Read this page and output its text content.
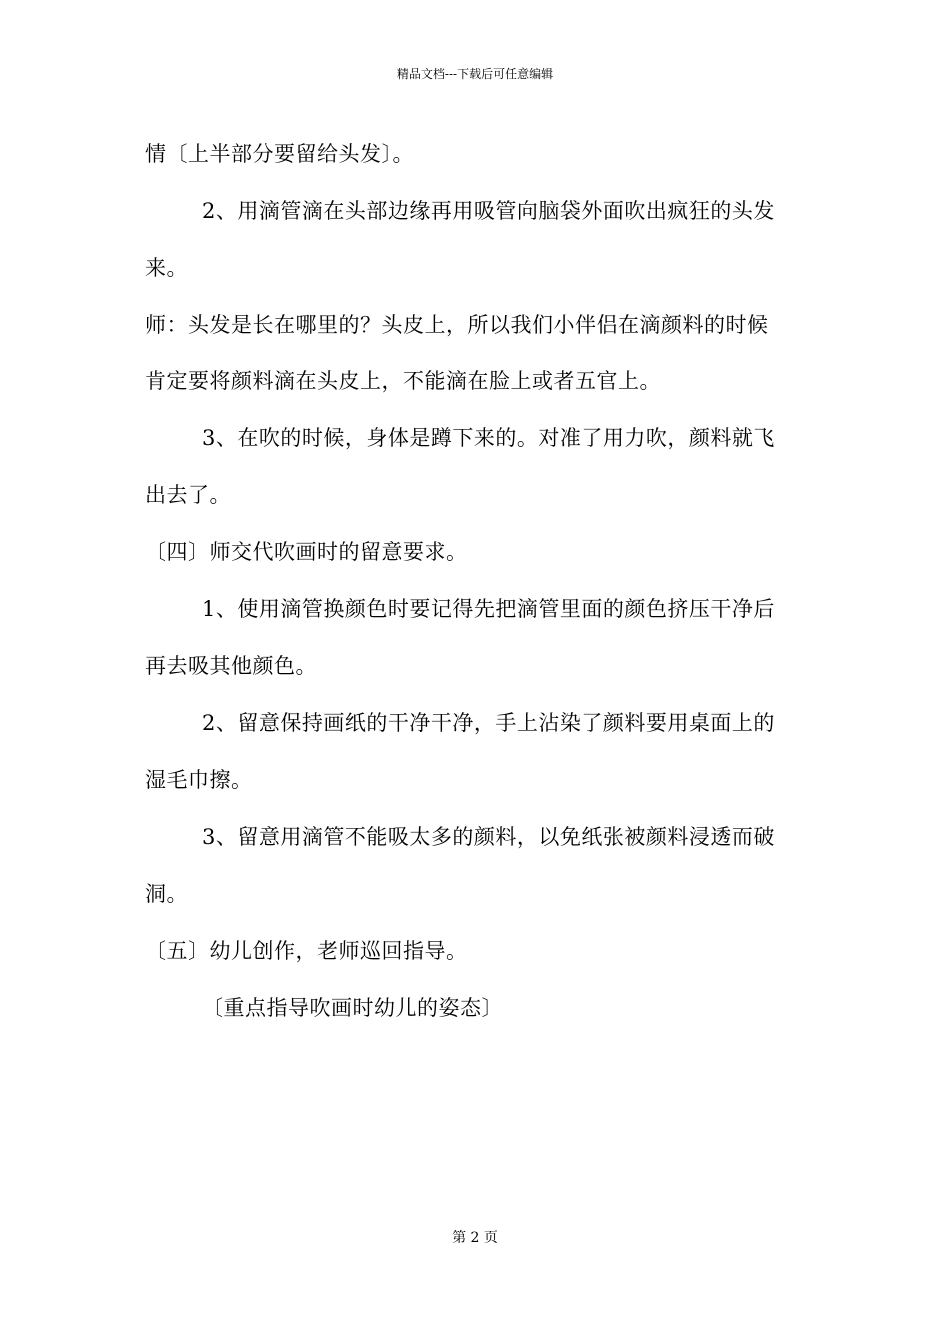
精品文档---下载后可任意编辑
情〔上半部分要留给头发〕。
2、用滴管滴在头部边缘再用吸管向脑袋外面吹出疯狂的头发
来。
师：头发是长在哪里的？头皮上，所以我们小伴侣在滴颜料的时候
肯定要将颜料滴在头皮上，不能滴在脸上或者五官上。
3、在吹的时候，身体是蹲下来的。对准了用力吹，颜料就飞
出去了。
〔四〕师交代吹画时的留意要求。
1、使用滴管换颜色时要记得先把滴管里面的颜色挤压干净后
再去吸其他颜色。
2、留意保持画纸的干净干净，手上沾染了颜料要用桌面上的
湿毛巾擦。
3、留意用滴管不能吸太多的颜料，以免纸张被颜料浸透而破
洞。
〔五〕幼儿创作，老师巡回指导。
〔重点指导吹画时幼儿的姿态〕
第 2 页
